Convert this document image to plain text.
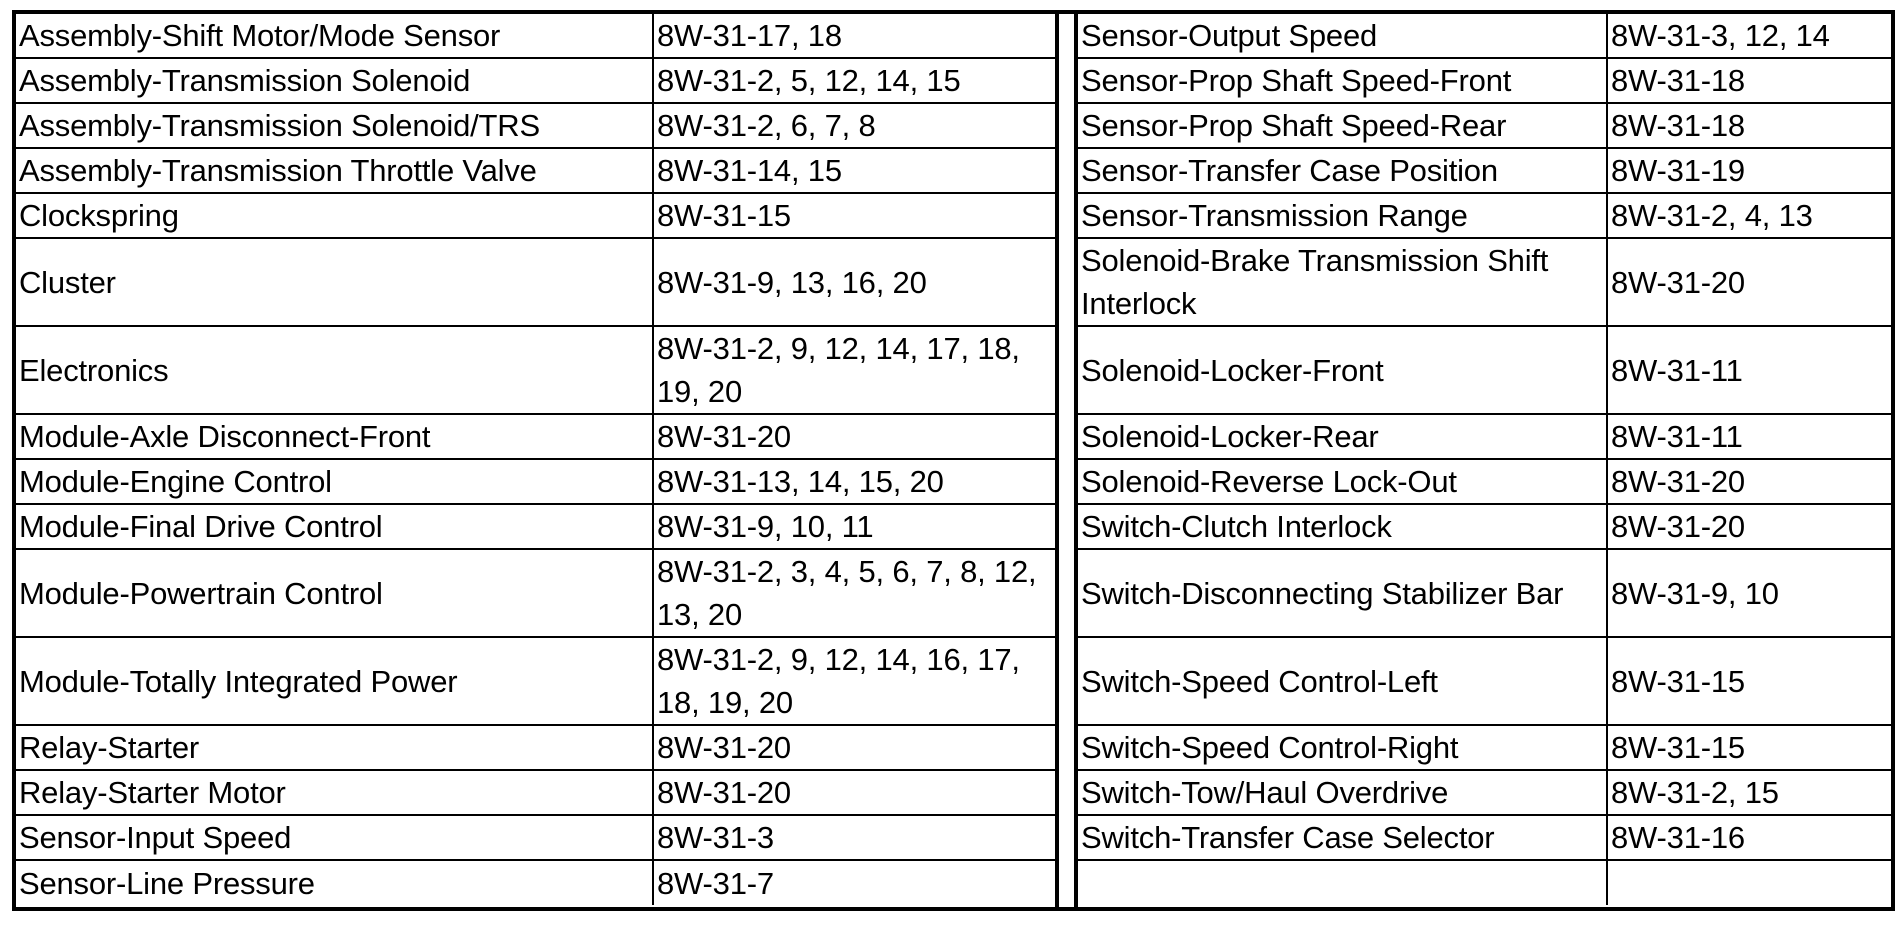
Assembly-Shift Motor/Mode Sensor	8W-31-17, 18
Assembly-Transmission Solenoid	8W-31-2, 5, 12, 14, 15
Assembly-Transmission Solenoid/TRS	8W-31-2, 6, 7, 8
Assembly-Transmission Throttle Valve	8W-31-14, 15
Clockspring	8W-31-15
Cluster	8W-31-9, 13, 16, 20
Electronics	8W-31-2, 9, 12, 14, 17, 18, 19, 20
Module-Axle Disconnect-Front	8W-31-20
Module-Engine Control	8W-31-13, 14, 15, 20
Module-Final Drive Control	8W-31-9, 10, 11
Module-Powertrain Control	8W-31-2, 3, 4, 5, 6, 7, 8, 12, 13, 20
Module-Totally Integrated Power	8W-31-2, 9, 12, 14, 16, 17, 18, 19, 20
Relay-Starter	8W-31-20
Relay-Starter Motor	8W-31-20
Sensor-Input Speed	8W-31-3
Sensor-Line Pressure	8W-31-7
Sensor-Output Speed	8W-31-3, 12, 14
Sensor-Prop Shaft Speed-Front	8W-31-18
Sensor-Prop Shaft Speed-Rear	8W-31-18
Sensor-Transfer Case Position	8W-31-19
Sensor-Transmission Range	8W-31-2, 4, 13
Solenoid-Brake Transmission Shift Interlock	8W-31-20
Solenoid-Locker-Front	8W-31-11
Solenoid-Locker-Rear	8W-31-11
Solenoid-Reverse Lock-Out	8W-31-20
Switch-Clutch Interlock	8W-31-20
Switch-Disconnecting Stabilizer Bar	8W-31-9, 10
Switch-Speed Control-Left	8W-31-15
Switch-Speed Control-Right	8W-31-15
Switch-Tow/Haul Overdrive	8W-31-2, 15
Switch-Transfer Case Selector	8W-31-16
